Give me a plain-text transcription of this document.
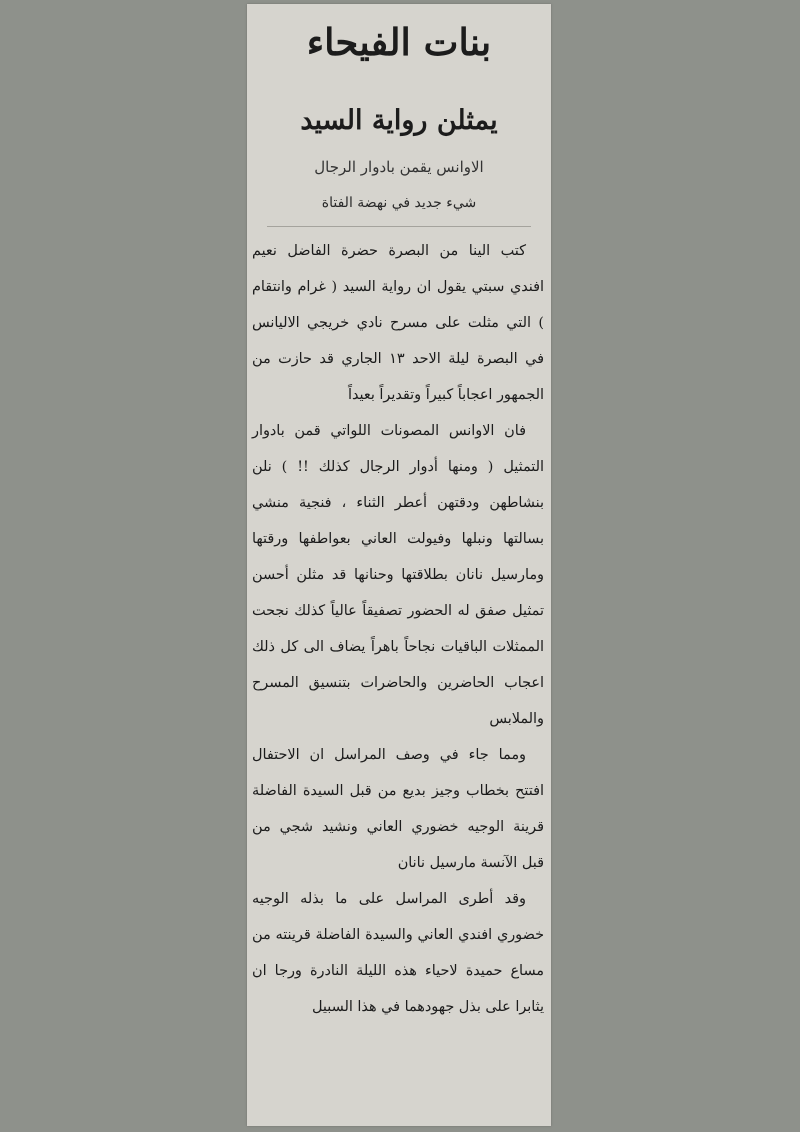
بنات الفيحاء
يمثلن رواية السيد
الاوانس يقمن بادوار الرجال
شيء جديد في نهضة الفتاة

كتب الينا من البصرة حضرة الفاضل نعيم افندي سبتي يقول ان رواية السيد ( غرام وانتقام ) التي مثلت على مسرح نادي خريجي الاليانس في البصرة ليلة الاحد ١٣ الجاري قد حازت من الجمهور اعجاباً كبيراً وتقديراً بعيداً

فان الاوانس المصونات اللواتي قمن بادوار التمثيل ( ومنها أدوار الرجال كذلك !! ) نلن بنشاطهن ودقتهن أعطر الثناء ، فنجية منشي بسالتها ونبلها وفيولت العاني بعواطفها ورقتها ومارسيل نانان بطلاقتها وحنانها قد مثلن أحسن تمثيل صفق له الحضور تصفيقاً عالياً كذلك نجحت الممثلات الباقيات نجاحاً باهراً يضاف الى كل ذلك اعجاب الحاضرين والحاضرات بتنسيق المسرح والملابس

ومما جاء في وصف المراسل ان الاحتفال افتتح بخطاب وجيز بديع من قبل السيدة الفاضلة قرينة الوجيه خضوري العاني ونشيد شجي من قبل الآنسة مارسيل نانان

وقد أطرى المراسل على ما بذله الوجيه خضوري افندي العاني والسيدة الفاضلة قرينته من مساع حميدة لاحياء هذه الليلة النادرة ورجا ان يثابرا على بذل جهودهما في هذا السبيل
